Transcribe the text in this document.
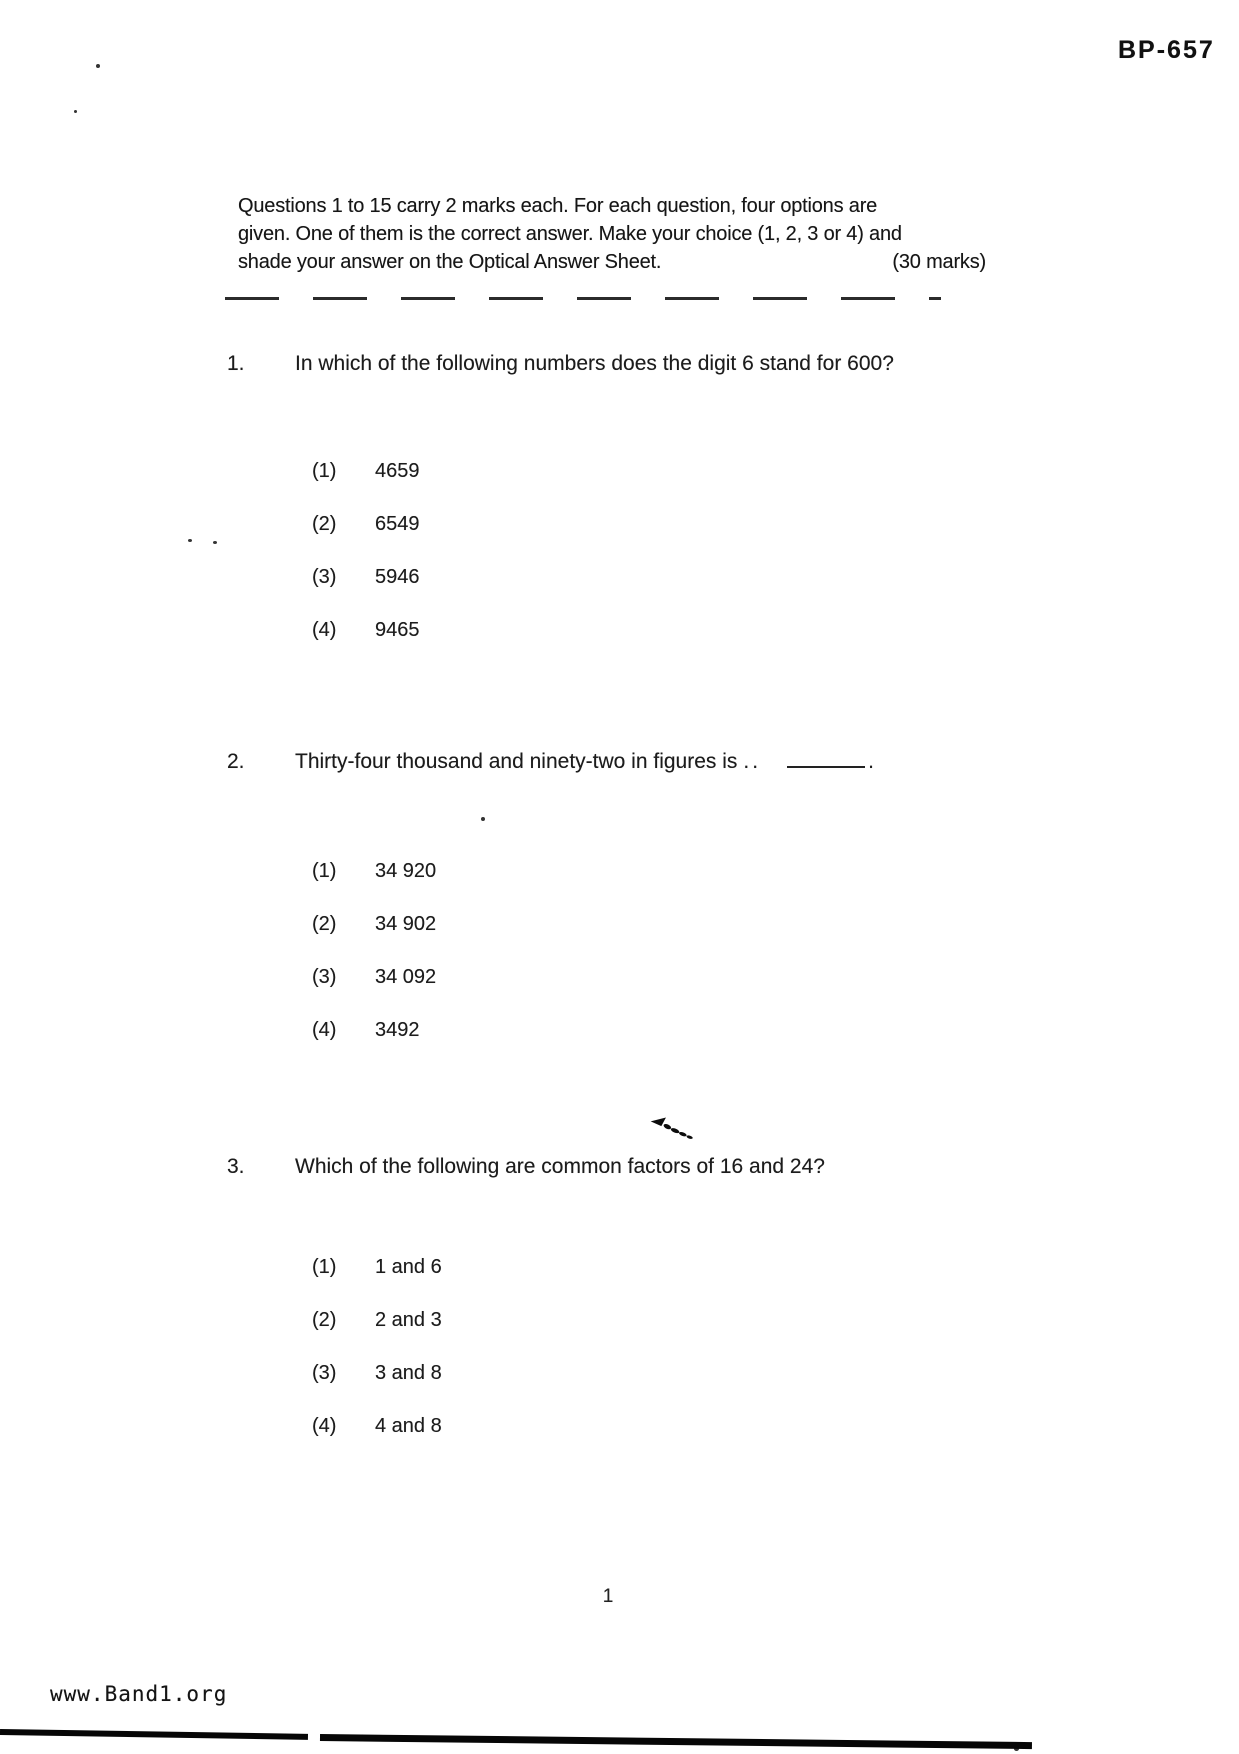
BP-657
Questions 1 to 15 carry 2 marks each. For each question, four options are
given. One of them is the correct answer. Make your choice (1, 2, 3 or 4) and
shade your answer on the Optical Answer Sheet.	(30 marks)
1. In which of the following numbers does the digit 6 stand for 600?
(1) 4659
(2) 6549
(3) 5946
(4) 9465
2. Thirty-four thousand and ninety-two in figures is ..	.
(1) 34 920
(2) 34 902
(3) 34 092
(4) 3492
3. Which of the following are common factors of 16 and 24?
(1) 1 and 6
(2) 2 and 3
(3) 3 and 8
(4) 4 and 8
1
www.Band1.org
